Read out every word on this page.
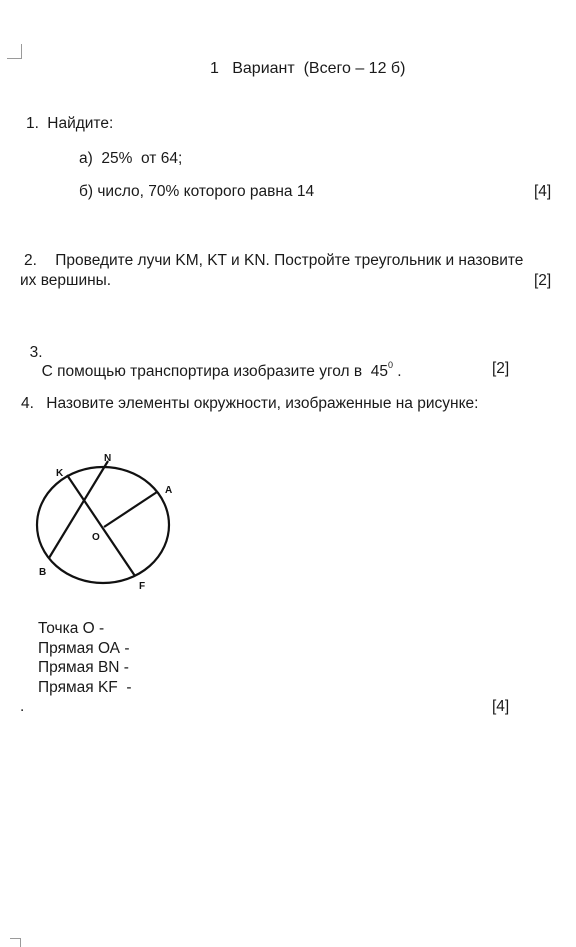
1   Вариант  (Всего – 12 б)
1. Найдите:
а)  25%  от 64;
б) число, 70% которого равна 14	[4]
2. Проведите лучи KM, KT и KN. Постройте треугольник и назовите
их вершины.	[2]

3.
С помощью транспортира изобразите угол в  $45^0$ .	[2]
4. Назовите элементы окружности, изображенные на рисунке:
N
K
A
O
B
F
Точка О -
Прямая ОА -
Прямая BN -
Прямая KF  -
.	[4]
